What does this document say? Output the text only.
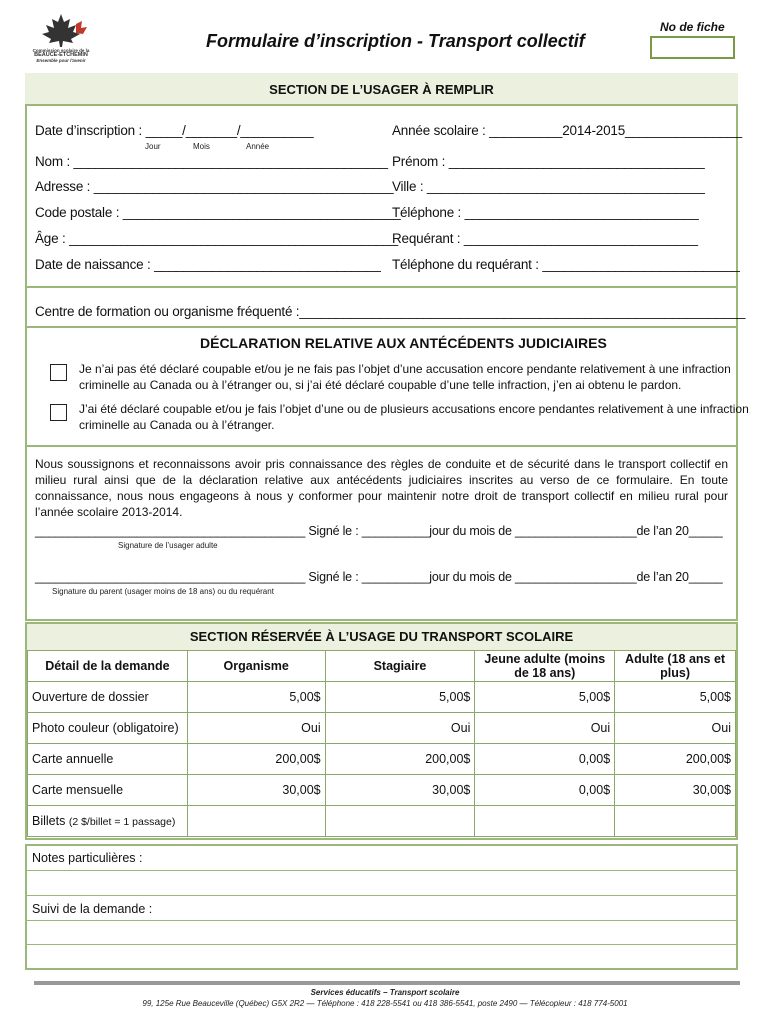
Commission scolaire de la
BEAUCE-ETCHEMIN
Ensemble pour l'avenir
Formulaire d’inscription - Transport collectif
No de fiche
SECTION DE L’USAGER À REMPLIR
Date d’inscription : _____/_______/__________
Jour	Mois	Année
Année scolaire : __________2014-2015________________
Nom : ___________________________________________ Prénom : ___________________________________
Adresse : _________________________________________
Ville : ______________________________________
Code postale : ______________________________________
Téléphone : ________________________________
Âge : _____________________________________________
Requérant : ________________________________
Date de naissance : _______________________________ Téléphone du requérant : ___________________________
Centre de formation ou organisme fréquenté :_____________________________________________________________
DÉCLARATION RELATIVE AUX ANTÉCÉDENTS JUDICIAIRES
Je n’ai pas été déclaré coupable et/ou je ne fais pas l’objet d’une accusation encore pendante relativement à une infraction
criminelle au Canada ou à l’étranger ou, si j’ai été déclaré coupable d’une telle infraction, j’en ai obtenu le pardon.
J’ai été déclaré coupable et/ou je fais l’objet d’une ou de plusieurs accusations encore pendantes relativement à une infraction
criminelle au Canada ou à l’étranger.
Nous soussignons et reconnaissons avoir pris connaissance des règles de conduite et de sécurité dans le transport collectif en milieu rural ainsi que de la déclaration relative aux antécédents judiciaires inscrites au verso de ce formulaire. En toute connaissance, nous nous engageons à nous y conformer pour maintenir notre droit de transport collectif en milieu rural pour l’année scolaire 2013-2014.
________________________________________ Signé le : __________jour du mois de __________________de l’an 20_____
Signature de l’usager adulte
________________________________________ Signé le : __________jour du mois de __________________de l’an 20_____
Signature du parent (usager moins de 18 ans) ou du requérant
SECTION RÉSERVÉE À L’USAGE DU TRANSPORT SCOLAIRE
Détail de la demande	Organisme	Stagiaire	Jeune adulte (moins de 18 ans)	Adulte (18 ans et plus)
Ouverture de dossier	5,00$	5,00$	5,00$	5,00$
Photo couleur (obligatoire)	Oui	Oui	Oui	Oui
Carte annuelle	200,00$	200,00$	0,00$	200,00$
Carte mensuelle	30,00$	30,00$	0,00$	30,00$
Billets (2 $/billet = 1 passage)				
Notes particulières :
Suivi de la demande :
Services éducatifs – Transport scolaire
99, 125e Rue Beauceville (Québec) G5X 2R2 — Téléphone : 418 228-5541 ou 418 386-5541, poste 2490 — Télécopieur : 418 774-5001
